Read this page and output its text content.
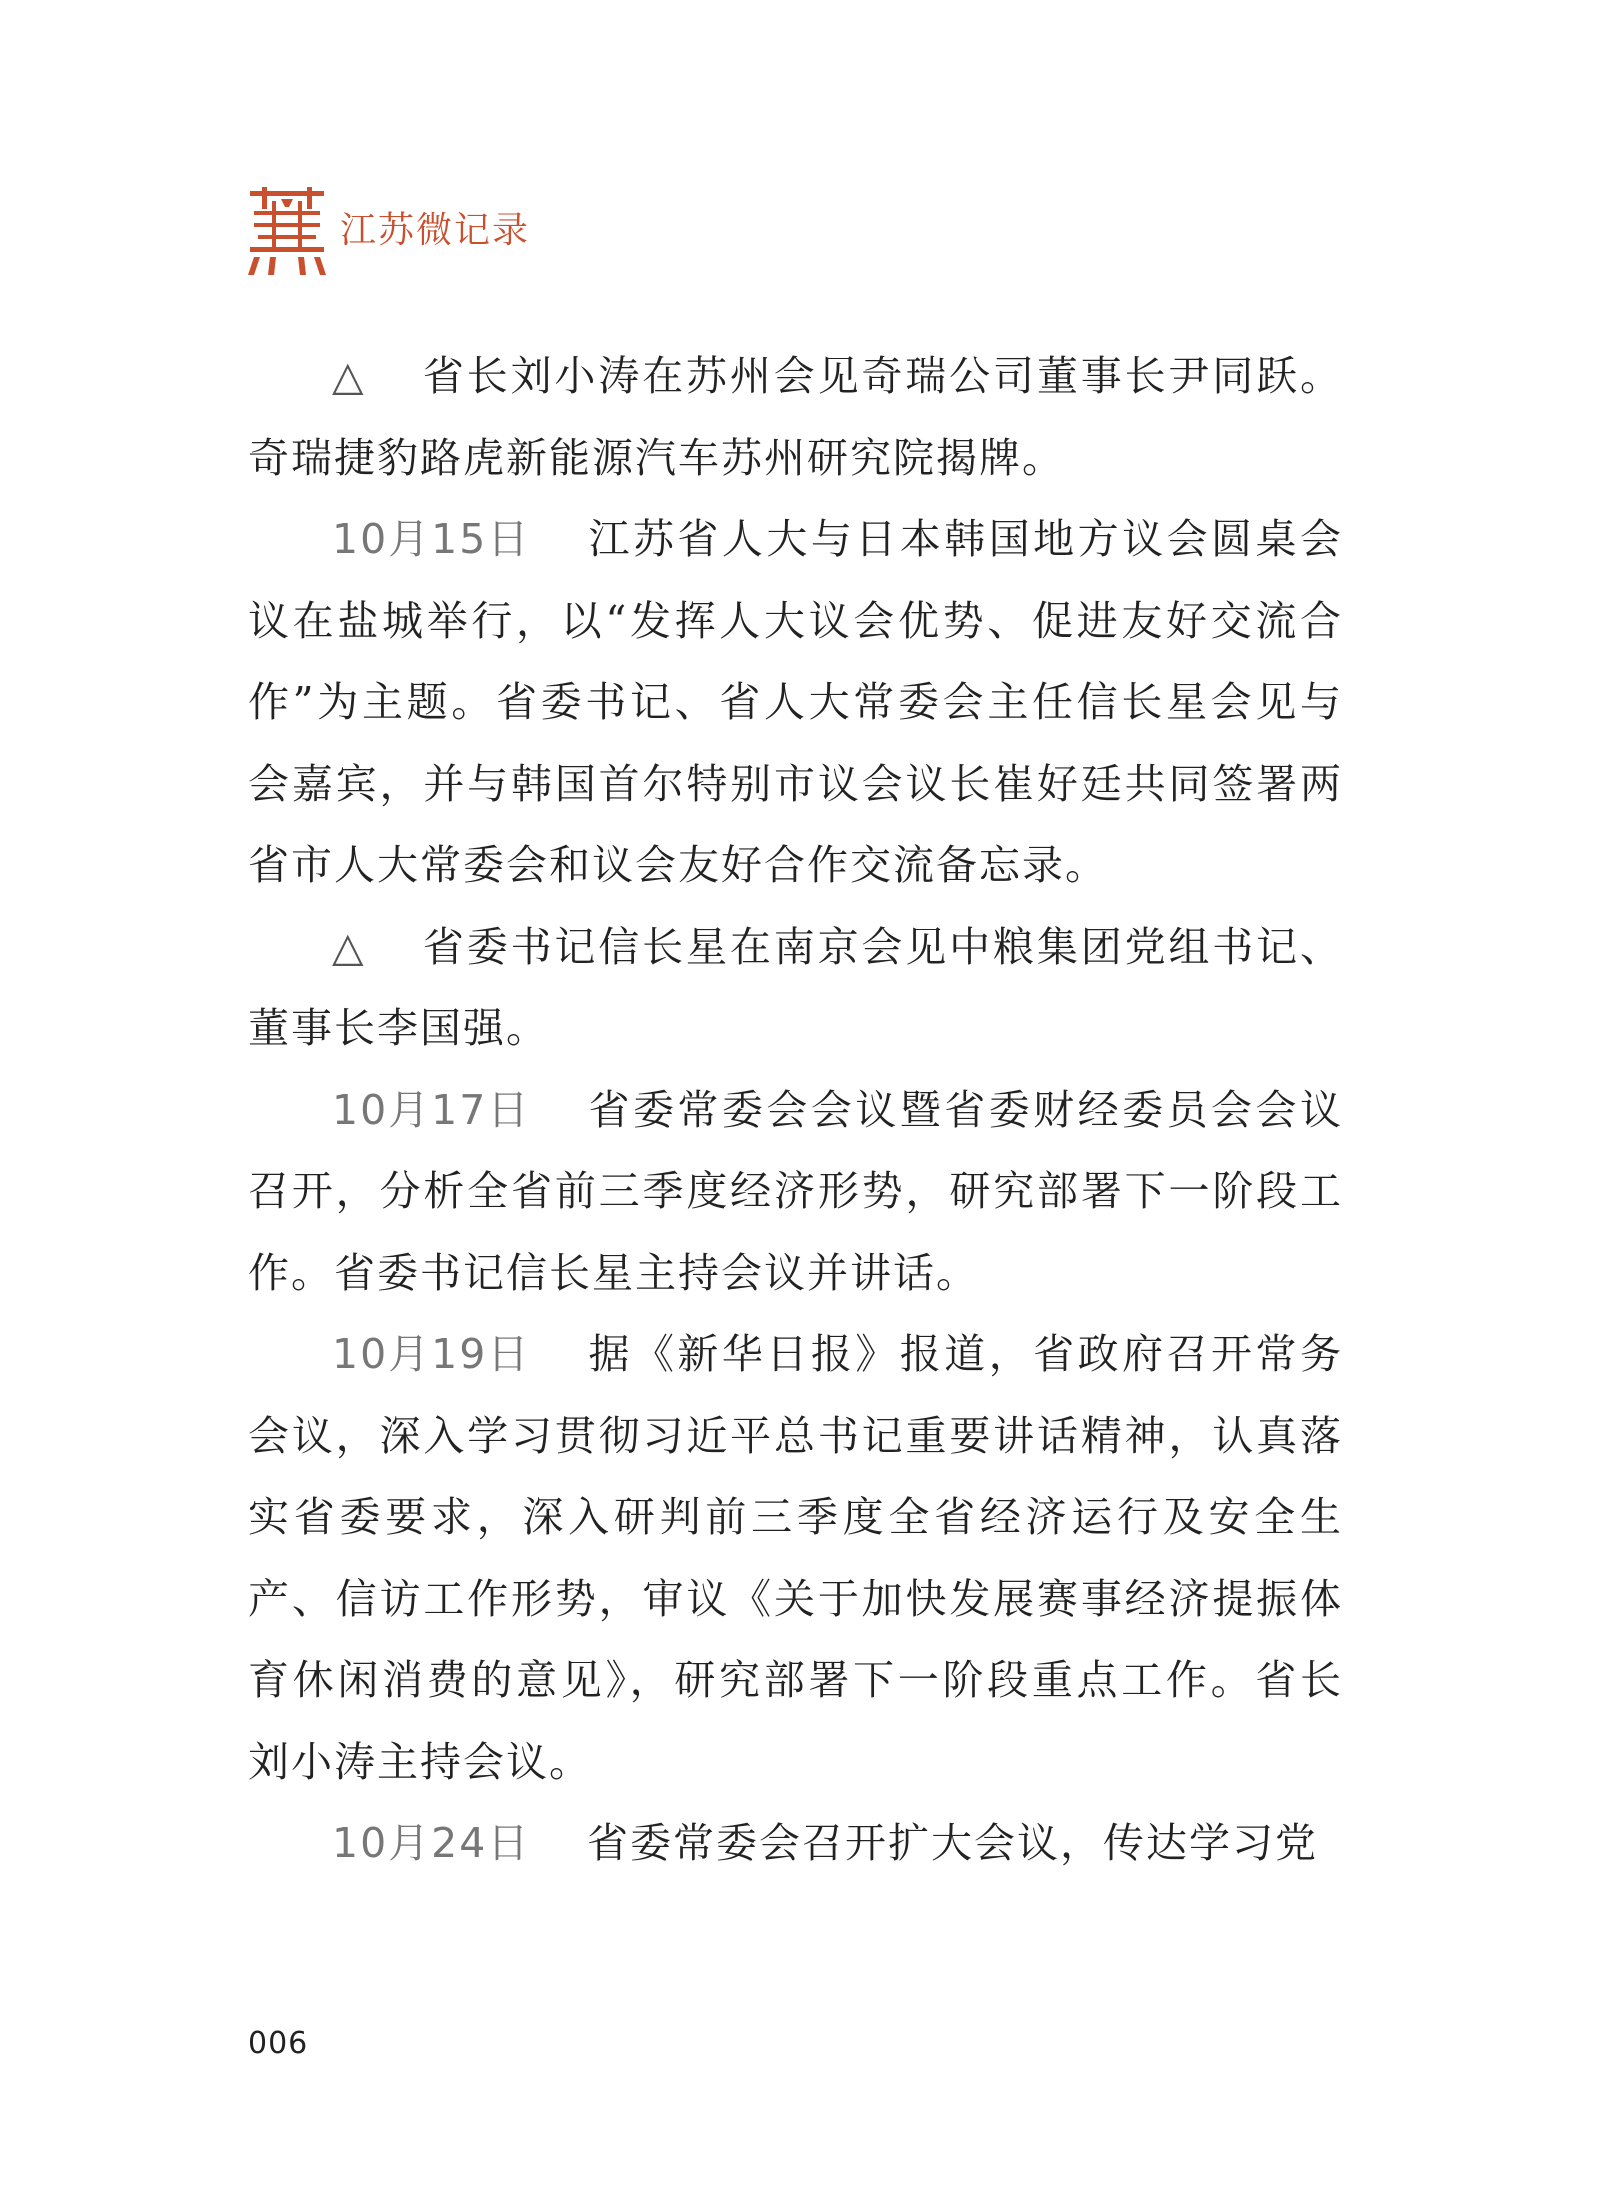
江苏微记录

△ 省长刘小涛在苏州会见奇瑞公司董事长尹同跃。奇瑞捷豹路虎新能源汽车苏州研究院揭牌。

10月15日 江苏省人大与日本韩国地方议会圆桌会议在盐城举行，以“发挥人大议会优势、促进友好交流合作”为主题。省委书记、省人大常委会主任信长星会见与会嘉宾，并与韩国首尔特别市议会议长崔好廷共同签署两省市人大常委会和议会友好合作交流备忘录。

△ 省委书记信长星在南京会见中粮集团党组书记、董事长李国强。

10月17日 省委常委会会议暨省委财经委员会会议召开，分析全省前三季度经济形势，研究部署下一阶段工作。省委书记信长星主持会议并讲话。

10月19日 据《新华日报》报道，省政府召开常务会议，深入学习贯彻习近平总书记重要讲话精神，认真落实省委要求，深入研判前三季度全省经济运行及安全生产、信访工作形势，审议《关于加快发展赛事经济提振体育休闲消费的意见》，研究部署下一阶段重点工作。省长刘小涛主持会议。

10月24日 省委常委会召开扩大会议，传达学习党

006
